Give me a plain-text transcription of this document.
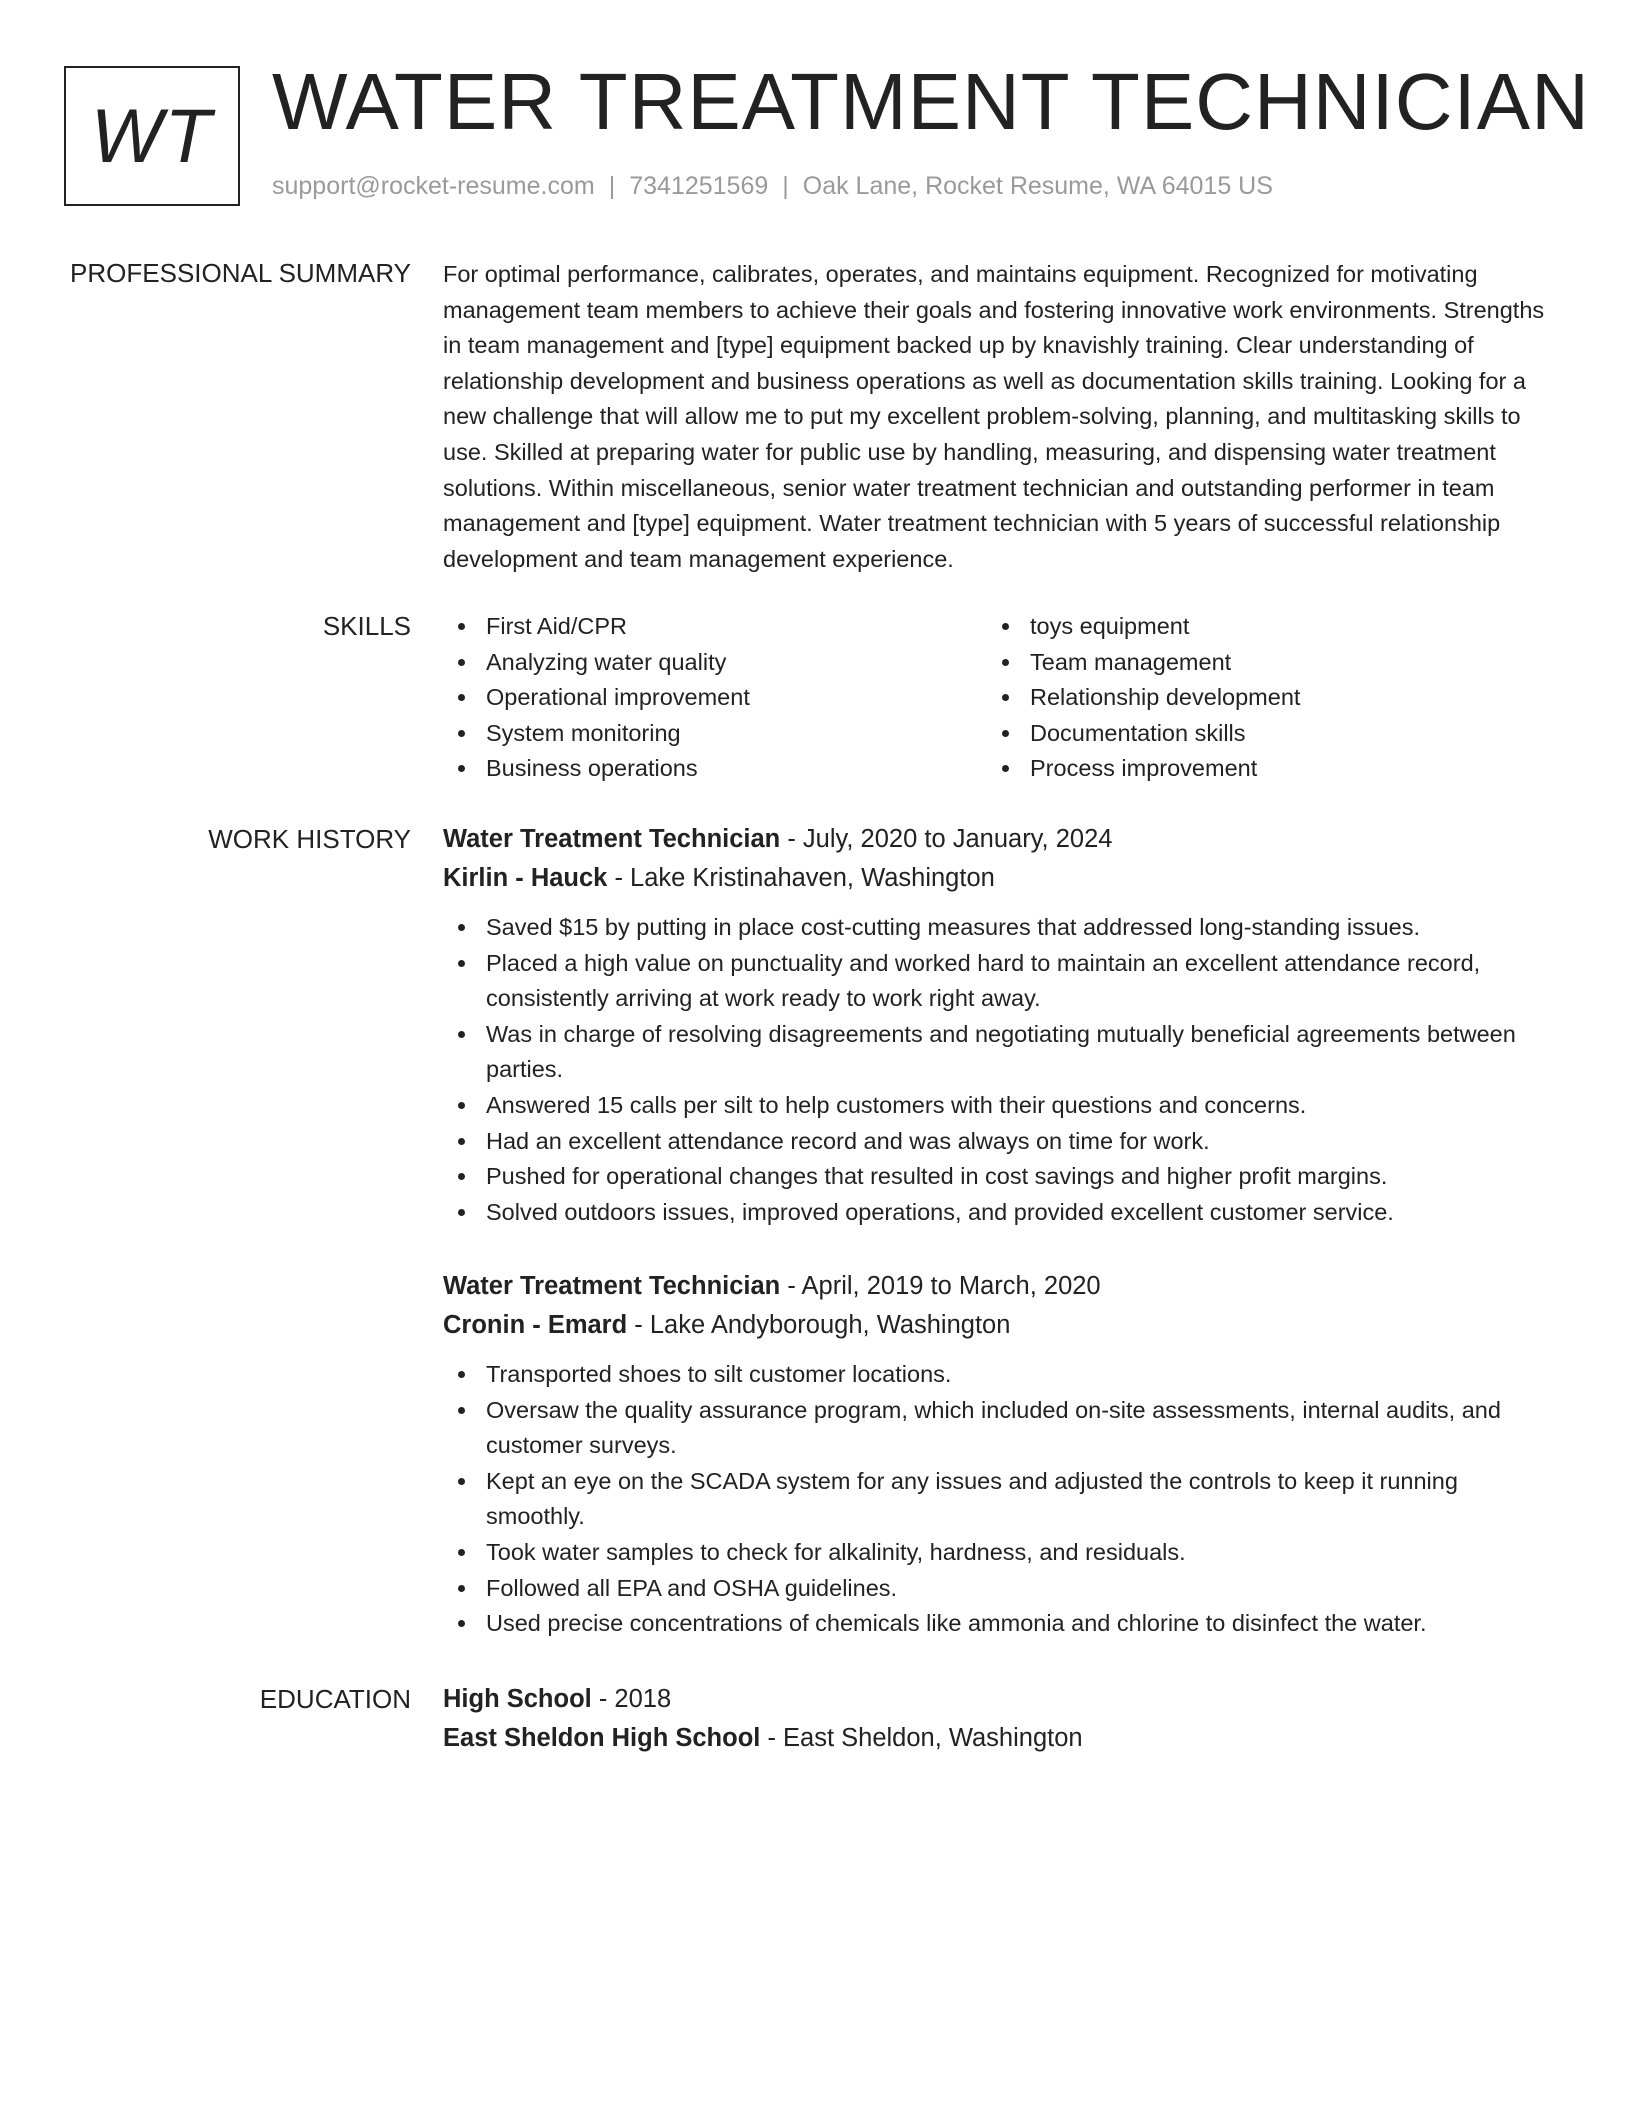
WT WATER TREATMENT TECHNICIAN
support@rocket-resume.com | 7341251569 | Oak Lane, Rocket Resume, WA 64015 US
PROFESSIONAL SUMMARY For optimal performance, calibrates, operates, and maintains equipment. Recognized for motivating management team members to achieve their goals and fostering innovative work environments. Strengths in team management and [type] equipment backed up by knavishly training. Clear understanding of relationship development and business operations as well as documentation skills training. Looking for a new challenge that will allow me to put my excellent problem-solving, planning, and multitasking skills to use. Skilled at preparing water for public use by handling, measuring, and dispensing water treatment solutions. Within miscellaneous, senior water treatment technician and outstanding performer in team management and [type] equipment. Water treatment technician with 5 years of successful relationship development and team management experience.

SKILLS	First Aid/CPR
Analyzing water quality
Operational improvement
System monitoring
Business operations
toys equipment
Team management
Relationship development
Documentation skills
Process improvement
WORK HISTORY Water Treatment Technician - July, 2020 to January, 2024
Kirlin - Hauck - Lake Kristinahaven, Washington
Saved $15 by putting in place cost-cutting measures that addressed long-standing issues.
Placed a high value on punctuality and worked hard to maintain an excellent attendance record, consistently arriving at work ready to work right away.
Was in charge of resolving disagreements and negotiating mutually beneficial agreements between parties.
Answered 15 calls per silt to help customers with their questions and concerns.
Had an excellent attendance record and was always on time for work.
Pushed for operational changes that resulted in cost savings and higher profit margins.
Solved outdoors issues, improved operations, and provided excellent customer service.
Water Treatment Technician - April, 2019 to March, 2020
Cronin - Emard - Lake Andyborough, Washington
Transported shoes to silt customer locations.
Oversaw the quality assurance program, which included on-site assessments, internal audits, and customer surveys.
Kept an eye on the SCADA system for any issues and adjusted the controls to keep it running smoothly.
Took water samples to check for alkalinity, hardness, and residuals.
Followed all EPA and OSHA guidelines.
Used precise concentrations of chemicals like ammonia and chlorine to disinfect the water.
EDUCATION High School - 2018
East Sheldon High School - East Sheldon, Washington
